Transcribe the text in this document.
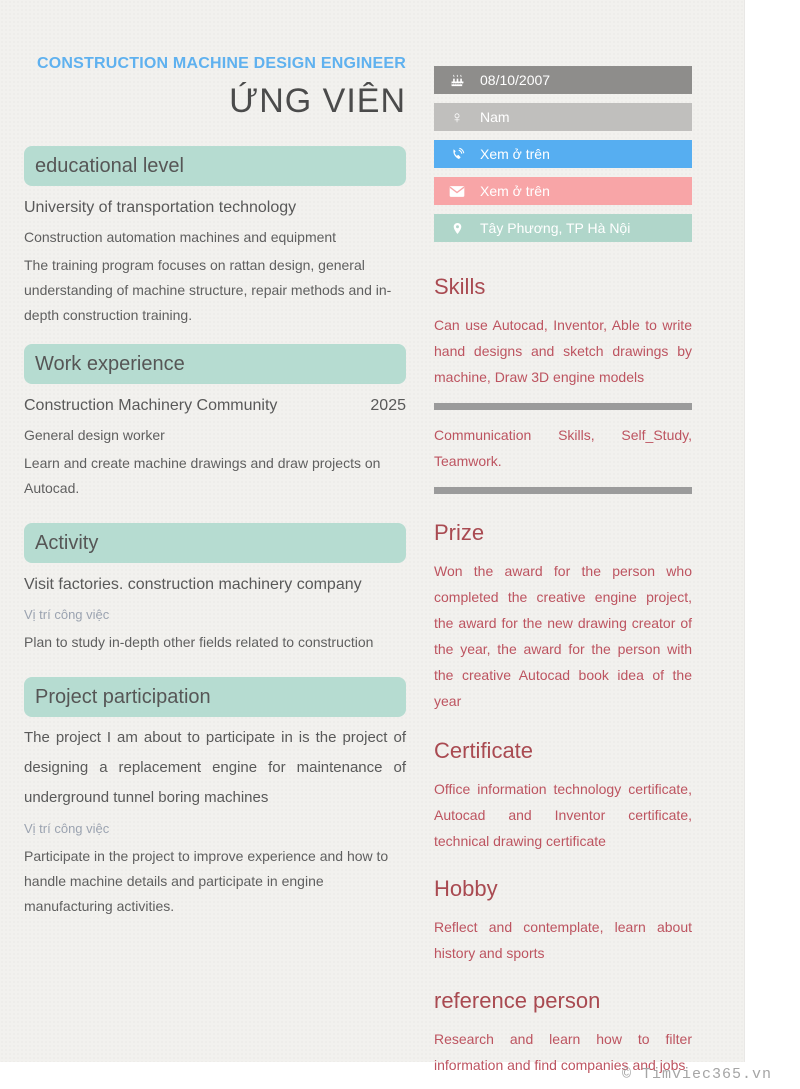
CONSTRUCTION MACHINE DESIGN ENGINEER
ỨNG VIÊN
educational level
University of transportation technology
Construction automation machines and equipment
The training program focuses on rattan design, general understanding of machine structure, repair methods and in-depth construction training.
Work experience
Construction Machinery Community	2025
General design worker
Learn and create machine drawings and draw projects on Autocad.
Activity
Visit factories. construction machinery company
Vị trí công việc
Plan to study in-depth other fields related to construction
Project participation
The project I am about to participate in is the project of designing a replacement engine for maintenance of underground tunnel boring machines
Vị trí công việc
Participate in the project to improve experience and how to handle machine details and participate in engine manufacturing activities.
08/10/2007
♀ Nam
Xem ở trên
Xem ở trên
Tây Phương, TP Hà Nội
Skills
Can use Autocad, Inventor, Able to write hand designs and sketch drawings by machine, Draw 3D engine models
Communication Skills, Self_Study, Teamwork.
Prize
Won the award for the person who completed the creative engine project, the award for the new drawing creator of the year, the award for the person with the creative Autocad book idea of the year
Certificate
Office information technology certificate, Autocad and Inventor certificate, technical drawing certificate
Hobby
Reflect and contemplate, learn about history and sports
reference person
Research and learn how to filter information and find companies and jobs
© Timviec365.vn
